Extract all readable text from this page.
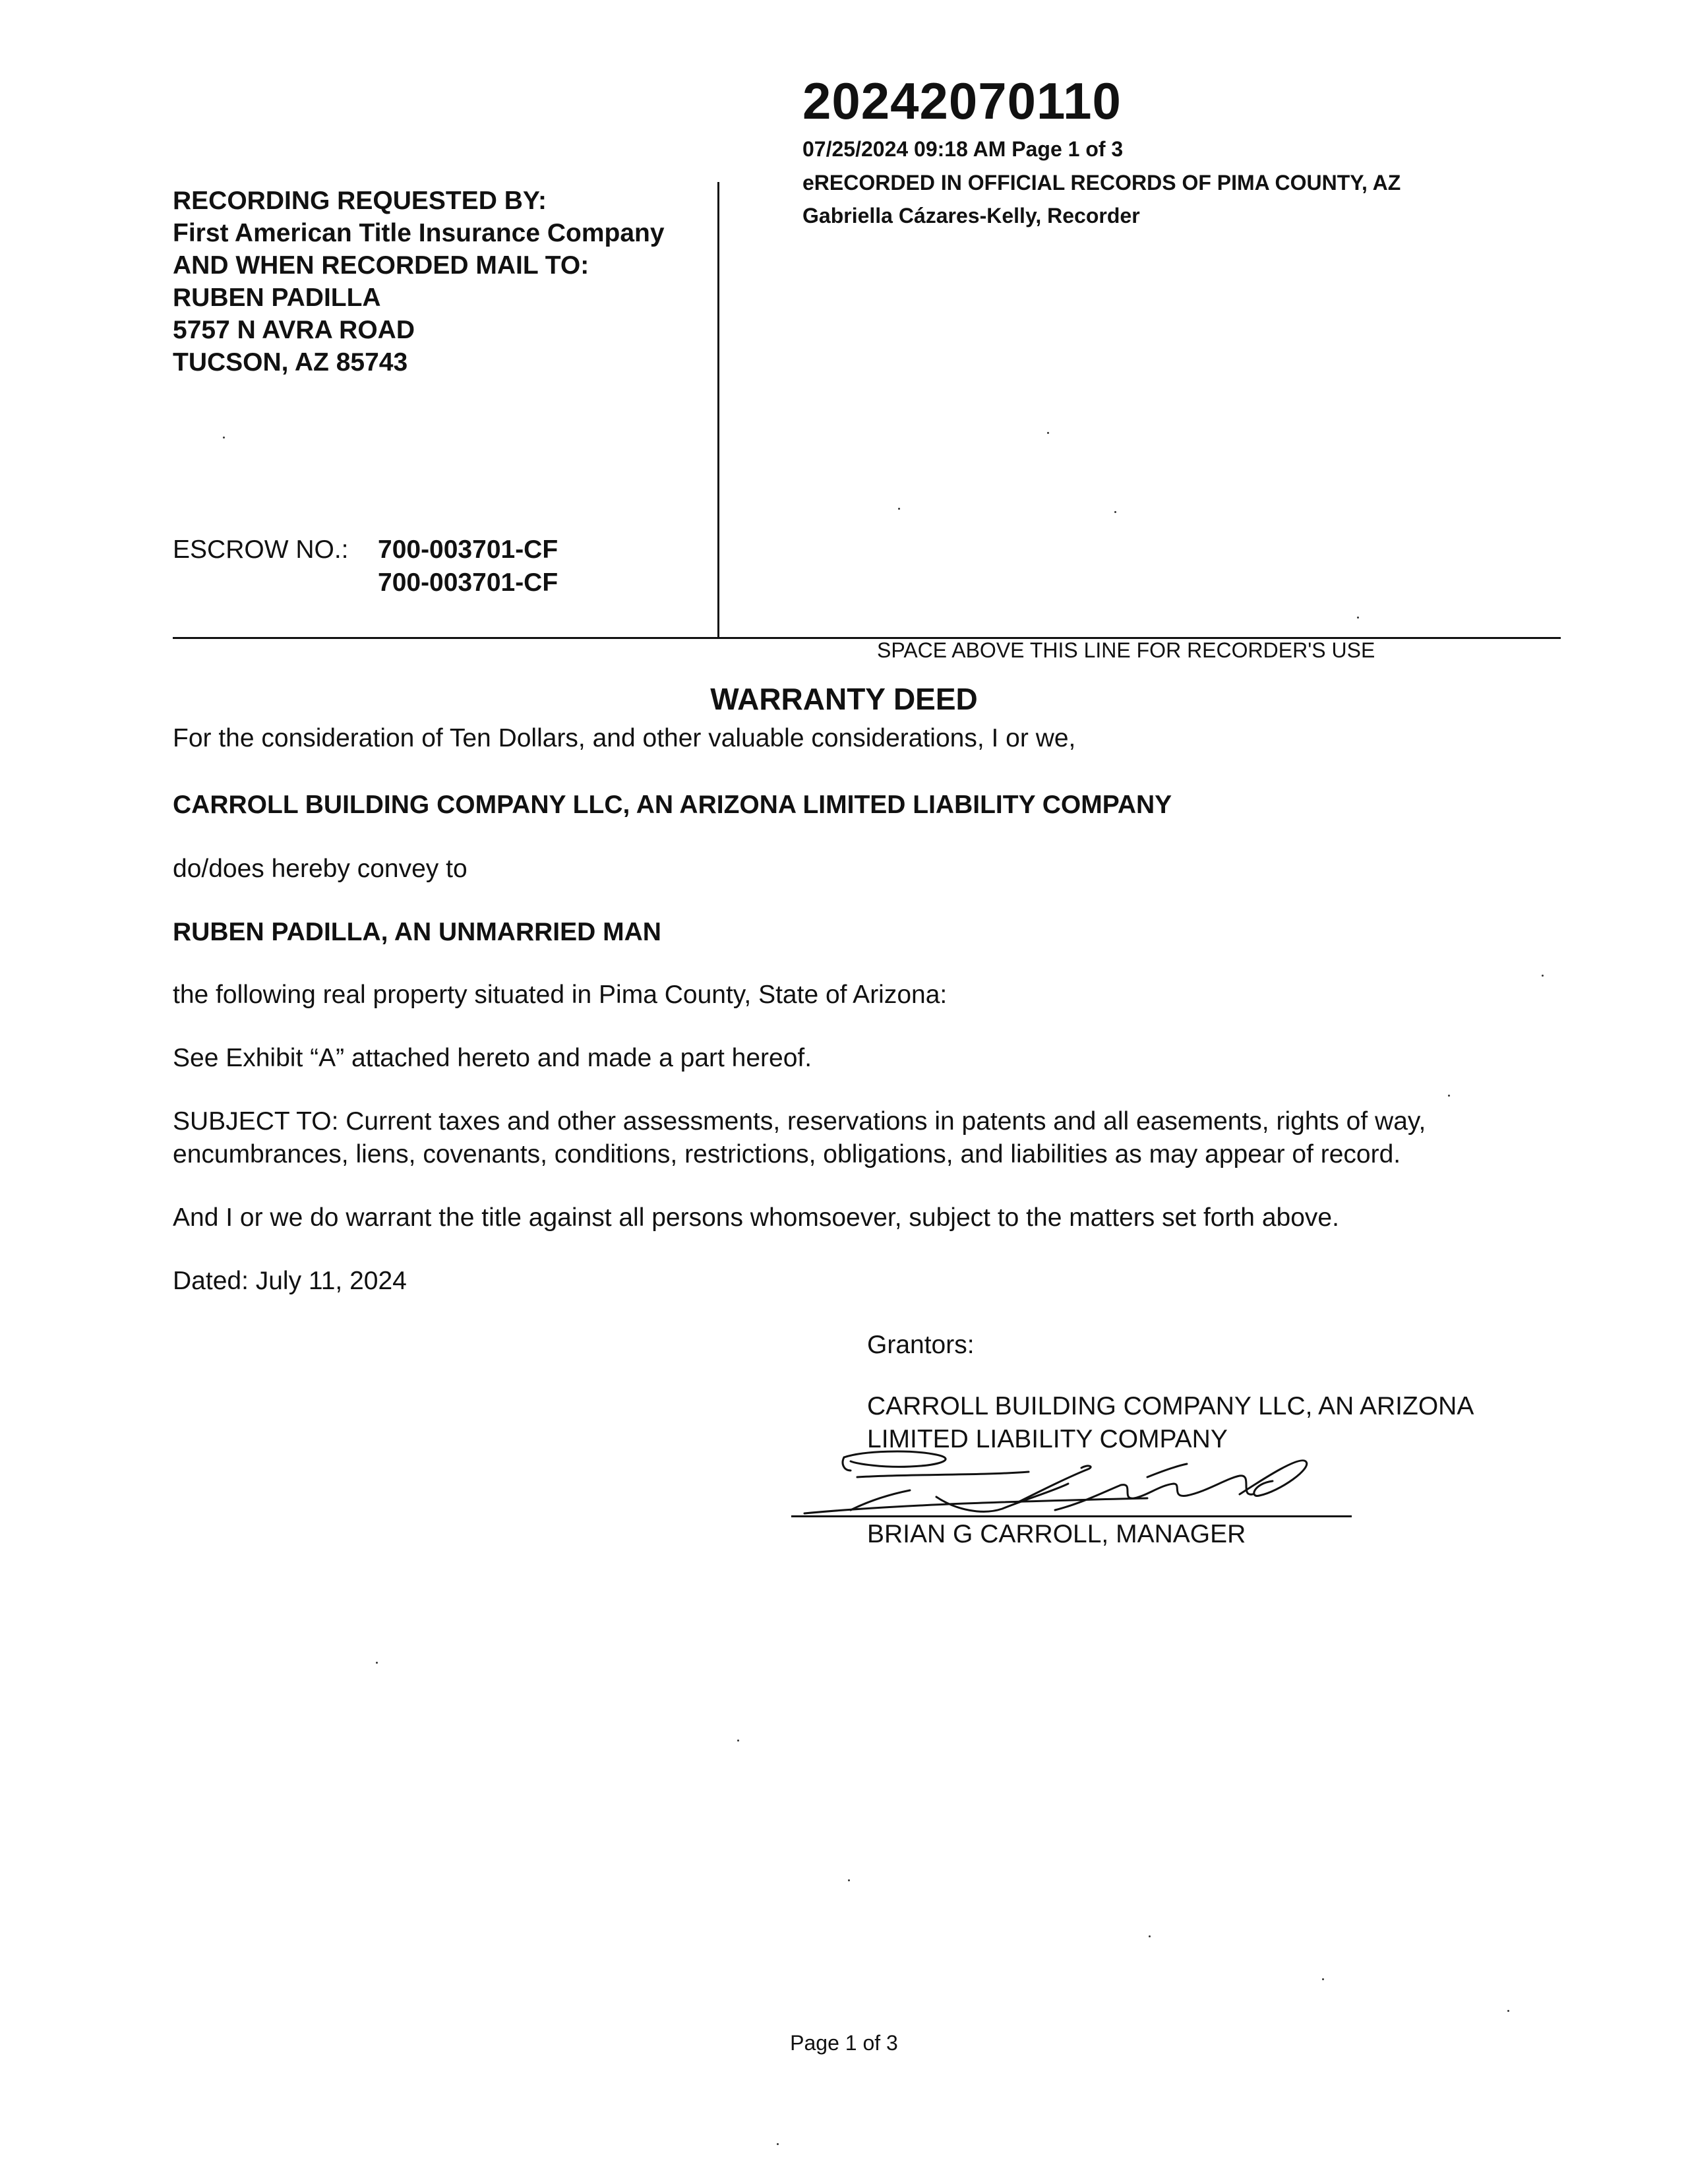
20242070110
07/25/2024 09:18 AM Page 1 of 3
eRECORDED IN OFFICIAL RECORDS OF PIMA COUNTY, AZ
Gabriella Cázares-Kelly, Recorder
RECORDING REQUESTED BY:
First American Title Insurance Company
AND WHEN RECORDED MAIL TO:
RUBEN PADILLA
5757 N AVRA ROAD
TUCSON, AZ 85743
ESCROW NO.: 700-003701-CF
700-003701-CF
SPACE ABOVE THIS LINE FOR RECORDER'S USE
WARRANTY DEED
For the consideration of Ten Dollars, and other valuable considerations, I or we,
CARROLL BUILDING COMPANY LLC, AN ARIZONA LIMITED LIABILITY COMPANY
do/does hereby convey to
RUBEN PADILLA, AN UNMARRIED MAN
the following real property situated in Pima County, State of Arizona:
See Exhibit “A” attached hereto and made a part hereof.
SUBJECT TO: Current taxes and other assessments, reservations in patents and all easements, rights of way,
encumbrances, liens, covenants, conditions, restrictions, obligations, and liabilities as may appear of record.
And I or we do warrant the title against all persons whomsoever, subject to the matters set forth above.
Dated: July 11, 2024
Grantors:
CARROLL BUILDING COMPANY LLC, AN ARIZONA
LIMITED LIABILITY COMPANY
BRIAN G CARROLL, MANAGER
Page 1 of 3
